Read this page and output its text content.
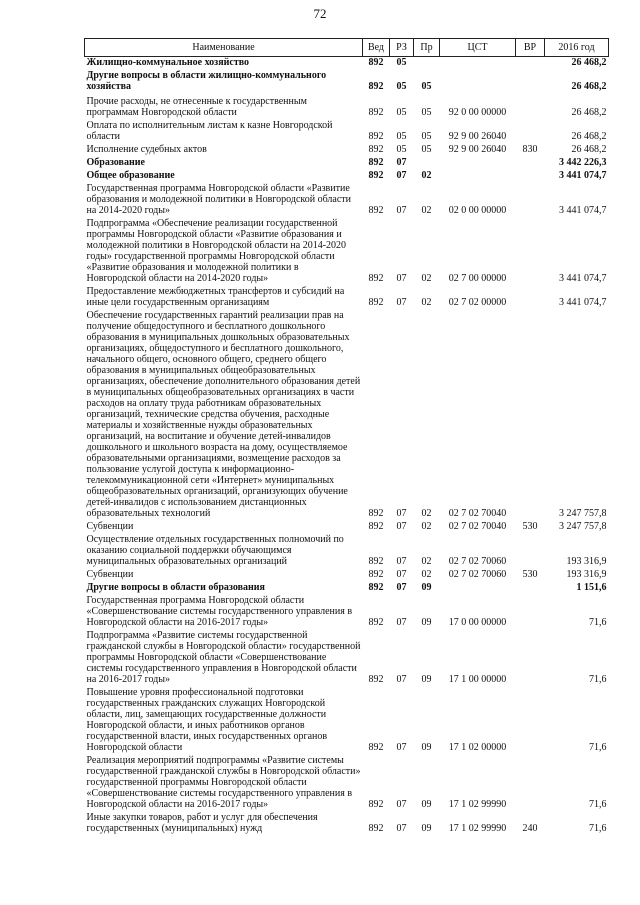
72
Наименование	Вед	РЗ	Пр	ЦСТ	ВР	2016 год
Жилищно-коммунальное хозяйство	892	05				26 468,2
Другие вопросы в области жилищно-коммунального хозяйства	892	05	05			26 468,2
Прочие расходы, не отнесенные к государственным программам Новгородской области	892	05	05	92 0 00 00000		26 468,2
Оплата по исполнительным листам к казне Новгородской области	892	05	05	92 9 00 26040		26 468,2
Исполнение судебных актов	892	05	05	92 9 00 26040	830	26 468,2
Образование	892	07				3 442 226,3
Общее образование	892	07	02			3 441 074,7
Государственная программа Новгородской области «Развитие образования и молодежной политики в Новгородской области на 2014-2020 годы»	892	07	02	02 0 00 00000		3 441 074,7
Подпрограмма «Обеспечение реализации государственной программы Новгородской области «Развитие образования и молодежной политики в Новгородской области на 2014-2020 годы» государственной программы Новгородской области «Развитие образования и молодежной политики в Новгородской области на 2014-2020 годы»	892	07	02	02 7 00 00000		3 441 074,7
Предоставление межбюджетных трансфертов и субсидий на иные цели государственным организациям	892	07	02	02 7 02 00000		3 441 074,7
Обеспечение государственных гарантий реализации прав на получение общедоступного и бесплатного дошкольного образования в муниципальных дошкольных образовательных организациях, общедоступного и бесплатного дошкольного, начального общего, основного общего, среднего общего образования в муниципальных общеобразовательных организациях, обеспечение дополнительного образования детей в муниципальных общеобразовательных организациях в части расходов на оплату труда работникам образовательных организаций, технические средства обучения, расходные материалы и хозяйственные нужды образовательных организаций, на воспитание и обучение детей-инвалидов дошкольного и школьного возраста на дому, осуществляемое образовательными организациями, возмещение расходов за пользование услугой доступа к информационно-телекоммуникационной сети «Интернет» муниципальных общеобразовательных организаций, организующих обучение детей-инвалидов с использованием дистанционных образовательных технологий	892	07	02	02 7 02 70040		3 247 757,8
Субвенции	892	07	02	02 7 02 70040	530	3 247 757,8
Осуществление отдельных государственных полномочий по оказанию социальной поддержки обучающимся муниципальных образовательных организаций	892	07	02	02 7 02 70060		193 316,9
Субвенции	892	07	02	02 7 02 70060	530	193 316,9
Другие вопросы в области образования	892	07	09			1 151,6
Государственная программа Новгородской области «Совершенствование системы государственного управления в Новгородской области на 2016-2017 годы»	892	07	09	17 0 00 00000		71,6
Подпрограмма «Развитие системы государственной гражданской службы в Новгородской области» государственной программы Новгородской области «Совершенствование системы государственного управления в Новгородской области на 2016-2017 годы»	892	07	09	17 1 00 00000		71,6
Повышение уровня профессиональной подготовки государственных гражданских служащих Новгородской области, лиц, замещающих государственные должности Новгородской области, и иных работников органов государственной власти, иных государственных органов Новгородской области	892	07	09	17 1 02 00000		71,6
Реализация мероприятий подпрограммы «Развитие системы государственной гражданской службы в Новгородской области» государственной программы Новгородской области «Совершенствование системы государственного управления в Новгородской области на 2016-2017 годы»	892	07	09	17 1 02 99990		71,6
Иные закупки товаров, работ и услуг для обеспечения государственных (муниципальных) нужд	892	07	09	17 1 02 99990	240	71,6
